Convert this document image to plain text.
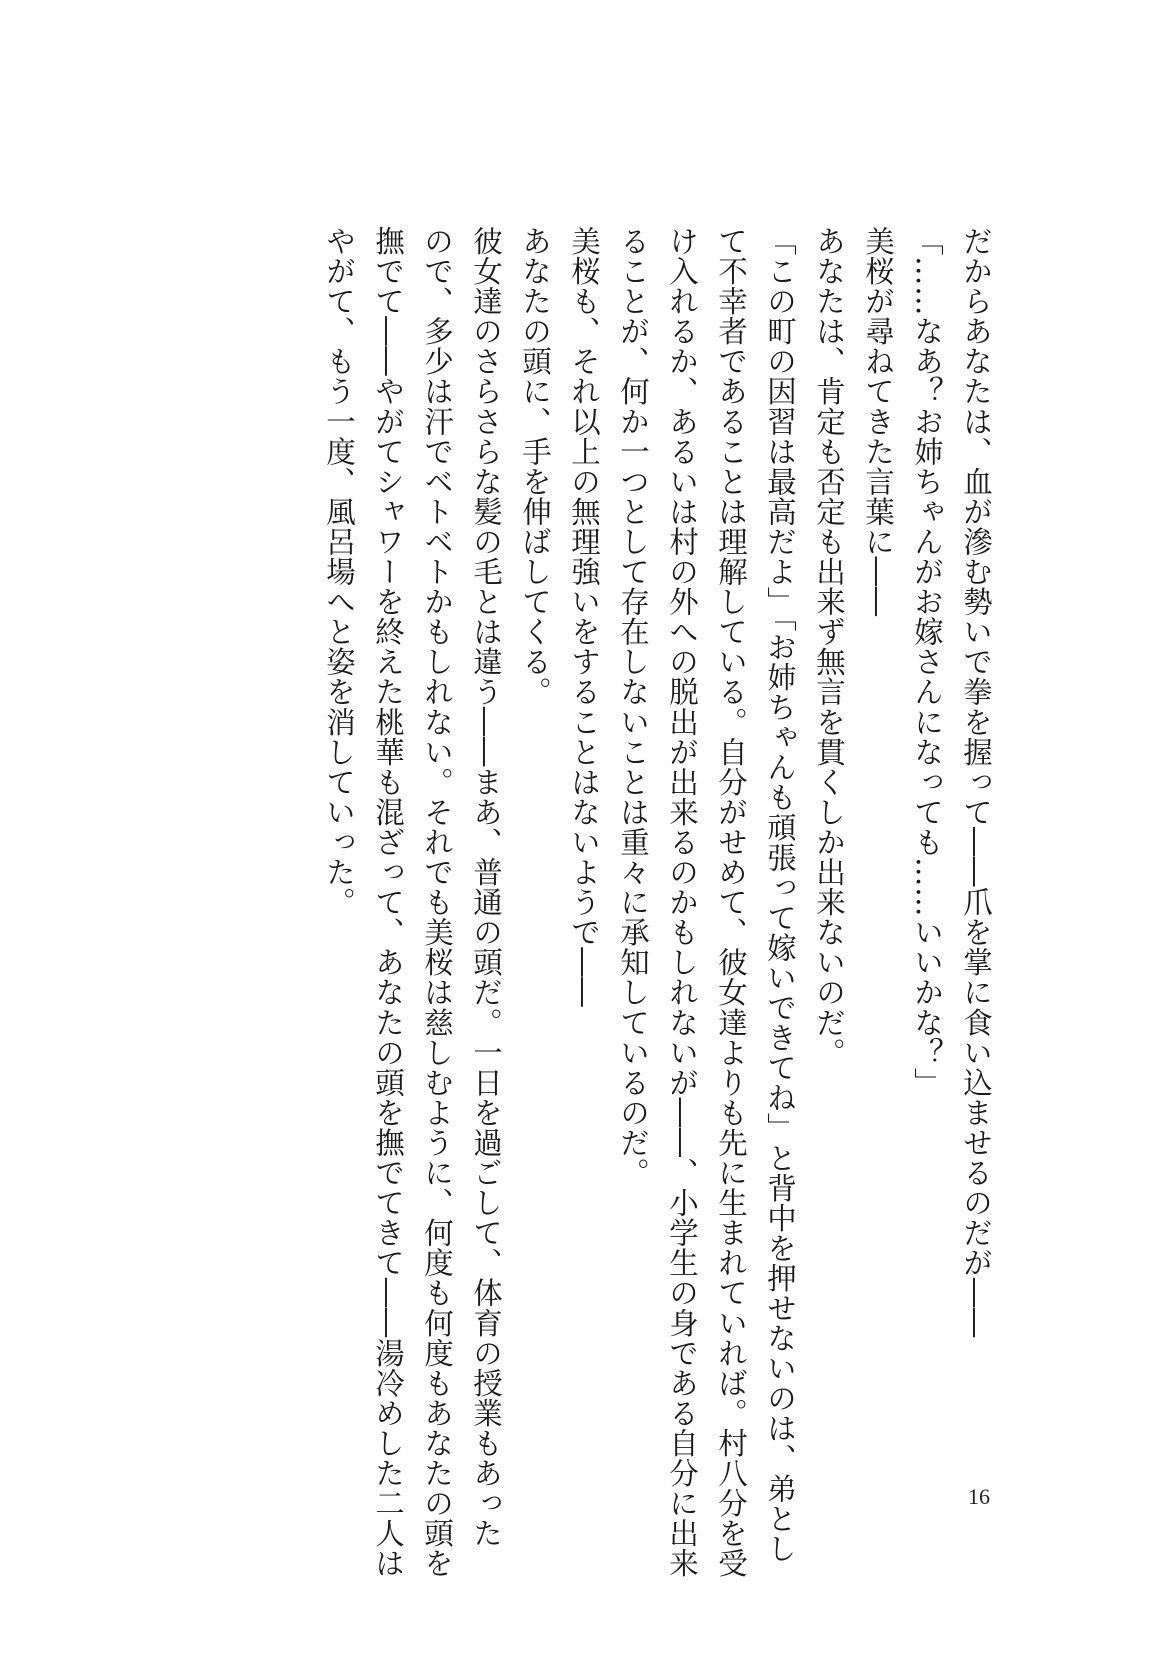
だからあなたは、血が滲む勢いで拳を握って――爪を掌に食い込ませるのだが――
「……なあ？お姉ちゃんがお嫁さんになっても……いいかな？」
美桜が尋ねてきた言葉に――
あなたは、肯定も否定も出来ず無言を貫くしか出来ないのだ。
「この町の因習は最高だよ」「お姉ちゃんも頑張って嫁いできてね」と背中を押せないのは、弟とし
て不幸者であることは理解している。自分がせめて、彼女達よりも先に生まれていれば。村八分を受
け入れるか、あるいは村の外への脱出が出来るのかもしれないが――、小学生の身である自分に出来
ることが、何か一つとして存在しないことは重々に承知しているのだ。
美桜も、それ以上の無理強いをすることはないようで――
あなたの頭に、手を伸ばしてくる。
彼女達のさらさらな髪の毛とは違う――まあ、普通の頭だ。一日を過ごして、体育の授業もあった
ので、多少は汗でベトベトかもしれない。それでも美桜は慈しむように、何度も何度もあなたの頭を
撫でて――やがてシャワーを終えた桃華も混ざって、あなたの頭を撫でてきて――湯冷めした二人は
やがて、もう一度、風呂場へと姿を消していった。
16
